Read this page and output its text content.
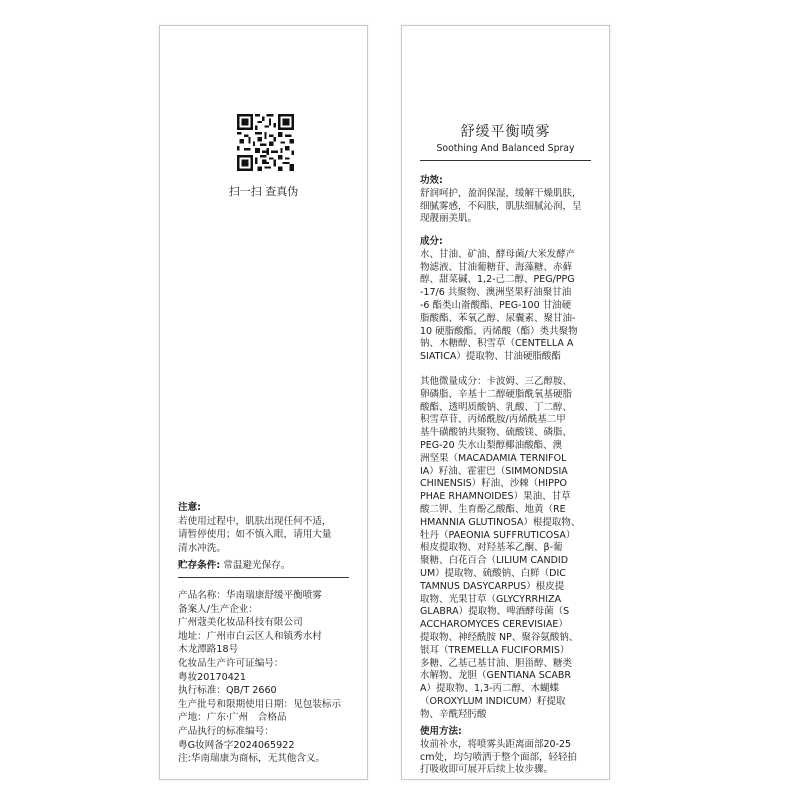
扫一扫 查真伪
注意:
若使用过程中，肌肤出现任何不适，
请暂停使用；如不慎入眼，请用大量
清水冲洗。
贮存条件: 常温避光保存。
产品名称：华南瑞康舒缓平衡喷雾
备案人/生产企业：
广州蔻美化妆品科技有限公司
地址：广州市白云区人和镇秀水村
木龙潭路18号
化妆品生产许可证编号：
粤妆20170421
执行标准：QB/T 2660
生产批号和限期使用日期：见包装标示
产地：广东·广州　合格品
产品执行的标准编号：
粤G妆网备字2024065922
注:华南瑞康为商标，无其他含义。
舒缓平衡喷雾
Soothing And Balanced Spray
功效:
舒润呵护，盈润保湿，缓解干燥肌肤，
细腻雾感，不闷肤，肌肤细腻沁润，呈
现靓丽美肌。
成分:
水、甘油、矿油、酵母菌/大米发酵产
物滤液、甘油葡糖苷、海藻糖、赤藓
醇、甜菜碱、1,2-己二醇、PEG/PPG
-17/6 共聚物、澳洲坚果籽油聚甘油
-6 酯类山嵛酸酯、PEG-100 甘油硬
脂酸酯、苯氧乙醇、尿囊素、聚甘油-
10 硬脂酸酯、丙烯酸（酯）类共聚物
钠、木糖醇、积雪草（CENTELLA A
SIATICA）提取物、甘油硬脂酸酯
其他微量成分：卡波姆、三乙醇胺、
卵磷脂、辛基十二醇硬脂酰氧基硬脂
酸酯、透明质酸钠、乳酸、丁二醇、
积雪草苷、丙烯酰胺/丙烯酰基二甲
基牛磺酸钠共聚物、硫酸镁、磷脂、
PEG-20 失水山梨醇椰油酸酯、澳
洲坚果（MACADAMIA TERNIFOL
IA）籽油、霍霍巴（SIMMONDSIA
CHINENSIS）籽油、沙棘（HIPPO
PHAE RHAMNOIDES）果油、甘草
酸二钾、生育酚乙酸酯、地黄（RE
HMANNIA GLUTINOSA）根提取物、
牡丹（PAEONIA SUFFRUTICOSA）
根皮提取物、对羟基苯乙酮、β-葡
聚糖、白花百合（LILIUM CANDID
UM）提取物、硫酸钠、白鲜（DIC
TAMNUS DASYCARPUS）根皮提
取物、光果甘草（GLYCYRRHIZA
GLABRA）提取物、啤酒酵母菌（S
ACCHAROMYCES CEREVISIAE）
提取物、神经酰胺 NP、聚谷氨酸钠、
银耳（TREMELLA FUCIFORMIS）
多糖、乙基己基甘油、胆甾醇、糖类
水解物、龙胆（GENTIANA SCABR
A）提取物、1,3-丙二醇、木蝴蝶
（OROXYLUM INDICUM）籽提取
物、辛酰羟肟酸
使用方法:
妆前补水，将喷雾头距离面部20-25
cm处，均匀喷洒于整个面部，轻轻拍
打吸收即可展开后续上妆步骤。
